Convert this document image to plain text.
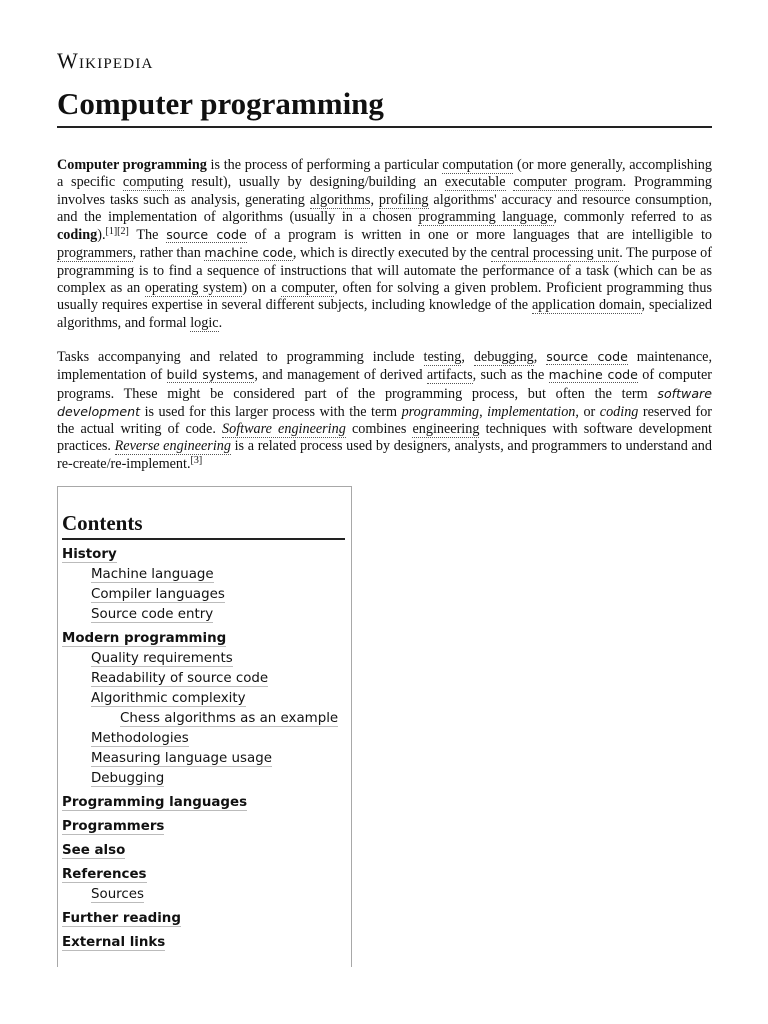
Wikipedia
Computer programming

Computer programming is the process of performing a particular computation (or more generally, accomplishing a specific computing result), usually by designing/building an executable computer program. Programming involves tasks such as analysis, generating algorithms, profiling algorithms' accuracy and resource consumption, and the implementation of algorithms (usually in a chosen programming language, commonly referred to as coding).[1][2] The source code of a program is written in one or more languages that are intelligible to programmers, rather than machine code, which is directly executed by the central processing unit. The purpose of programming is to find a sequence of instructions that will automate the performance of a task (which can be as complex as an operating system) on a computer, often for solving a given problem. Proficient programming thus usually requires expertise in several different subjects, including knowledge of the application domain, specialized algorithms, and formal logic.

Tasks accompanying and related to programming include testing, debugging, source code maintenance, implementation of build systems, and management of derived artifacts, such as the machine code of computer programs. These might be considered part of the programming process, but often the term software development is used for this larger process with the term programming, implementation, or coding reserved for the actual writing of code. Software engineering combines engineering techniques with software development practices. Reverse engineering is a related process used by designers, analysts, and programmers to understand and re-create/re-implement.[3]

Contents
History
Machine language
Compiler languages
Source code entry
Modern programming
Quality requirements
Readability of source code
Algorithmic complexity
Chess algorithms as an example
Methodologies
Measuring language usage
Debugging
Programming languages
Programmers
See also
References
Sources
Further reading
External links
